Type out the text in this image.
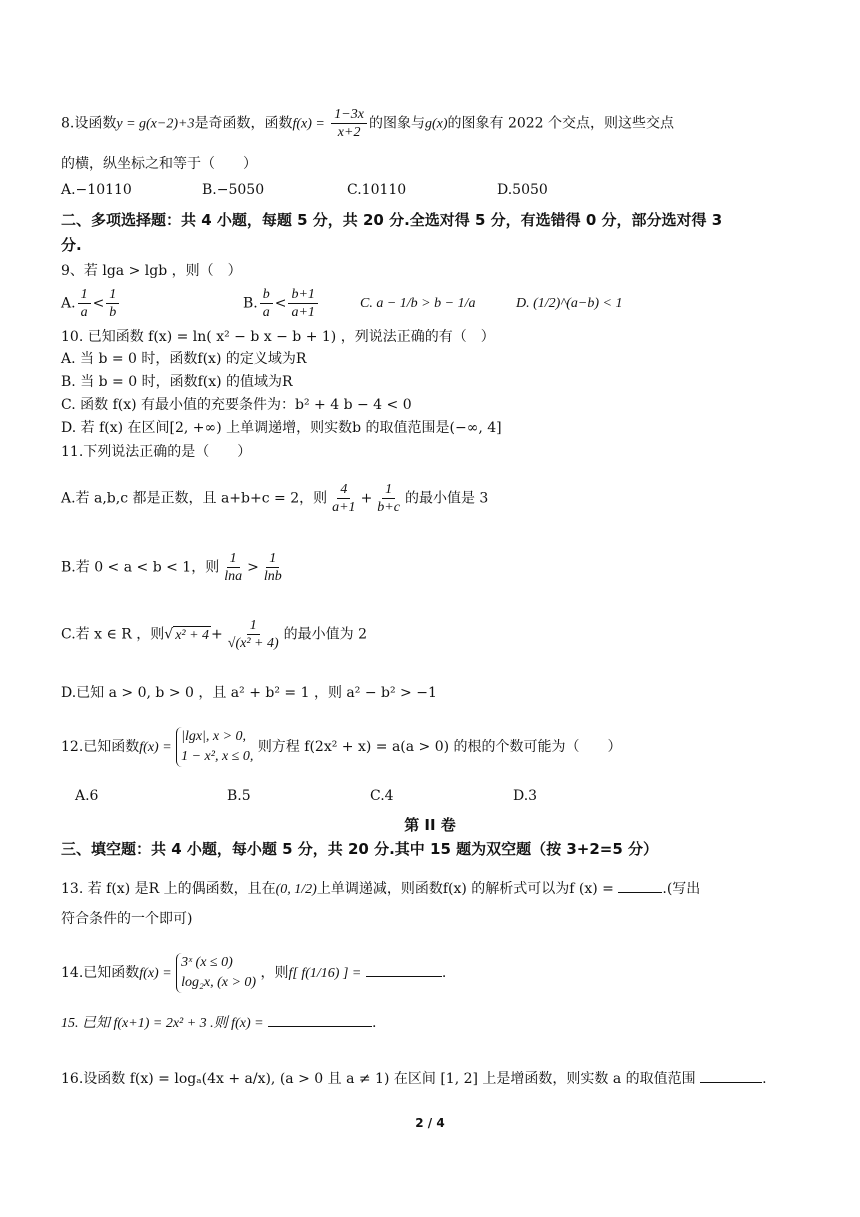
8.设函数y = g(x−2)+3是奇函数，函数$f(x) = \frac{1-3x}{x+2}$ 的图象与g(x)的图象有 2022 个交点，则这些交点
的横，纵坐标之和等于（　　）
A.−10110	B.−5050	C.10110	D.5050
二、多项选择题：共 4 小题，每题 5 分，共 20 分.全选对得 5 分，有选错得 0 分，部分选对得 3
分.
9、若 lga > lgb ，则（　）
A. $\frac{1}{a} < \frac{1}{b}$	B. $\frac{b}{a} < \frac{b+1}{a+1}$	C. a − 1/b > b − 1/a	D. (1/2)^(a−b) < 1
10. 已知函数 f(x) = ln( x² − b x − b + 1) ，列说法正确的有（　）
A. 当 b = 0 时，函数f(x) 的定义域为R
B. 当 b = 0 时，函数f(x) 的值域为R
C. 函数 f(x) 有最小值的充要条件为：b² + 4 b − 4 < 0
D. 若 f(x) 在区间[2, +∞) 上单调递增，则实数b 的取值范围是(−∞, 4]
11.下列说法正确的是（　　）
A.若 a,b,c 都是正数，且 a+b+c = 2，则 $\frac{4}{a+1} + \frac{1}{b+c}$ 的最小值是 3
B.若 0 < a < b < 1，则 $\frac{1}{\ln a} > \frac{1}{\ln b}$
C.若 x ∈ R ，则√ $x^2 + 4 + \frac{1}{\text{√(x² + 4)}}$ 的最小值为 2
D.已知 a > 0, b > 0 ，且 a² + b² = 1 ，则 a² − b² > −1
12.已知函数f(x) =
|lgx|, x > 0,
1 − x², x ≤ 0,
则方程 f(2x² + x) = a(a > 0) 的根的个数可能为（　　）
A.6	B.5	C.4	D.3
第 II 卷
三、填空题：共 4 小题，每小题 5 分，共 20 分.其中 15 题为双空题（按 3+2=5 分）
13. 若 f(x) 是R 上的偶函数，且在(0, 1/2)上单调递减，则函数f(x) 的解析式可以为f (x) =	.(写出
符合条件的一个即可)
14.已知函数f(x) =
3ˣ (x ≤ 0)
log₂x, (x > 0)
，则f[ f(1/16) ] =	.
15. 已知 f(x+1) = 2x² + 3 .则 f(x) =	.
16.设函数 f(x) = logₐ(4x + a/x), (a > 0 且 a ≠ 1) 在区间 [1, 2] 上是增函数，则实数 a 的取值范围	.
2 / 4
